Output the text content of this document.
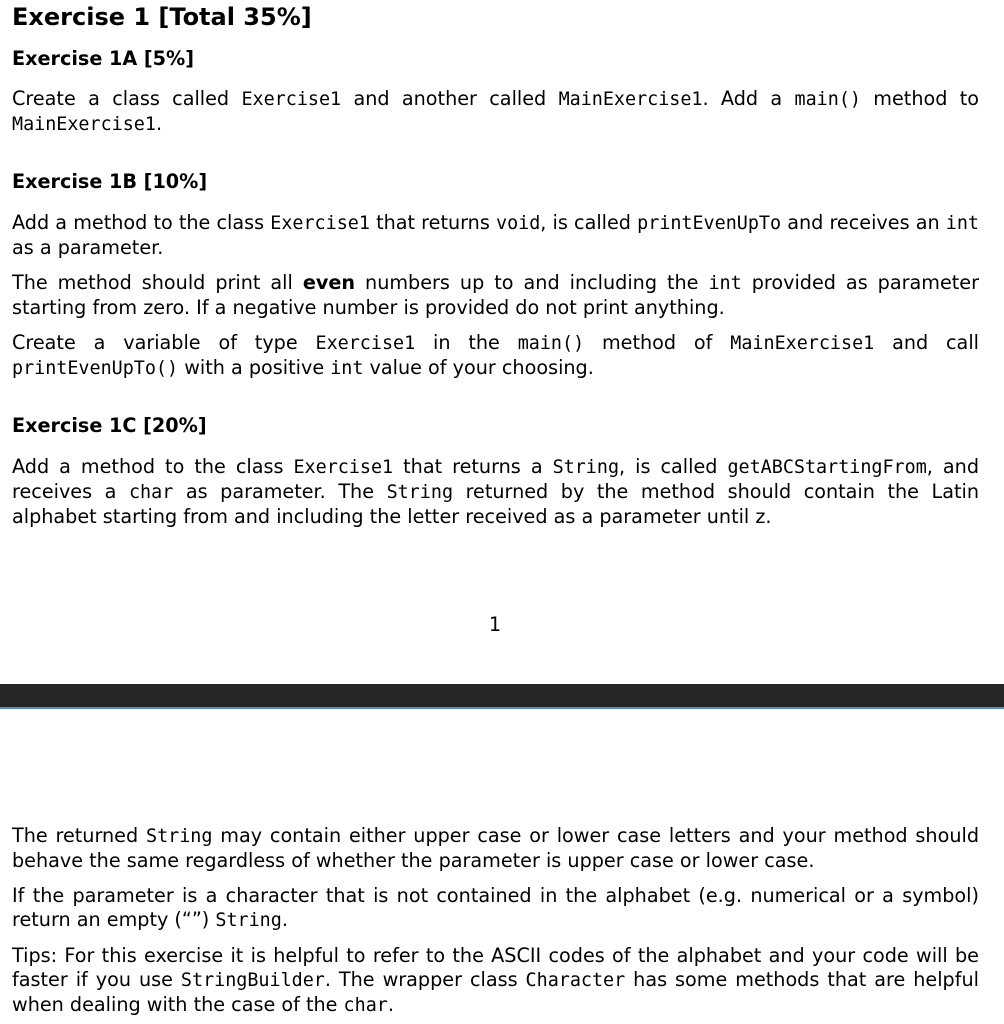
Exercise 1 [Total 35%]
Exercise 1A [5%]

Create a class called Exercise1 and another called MainExercise1. Add a main() method to MainExercise1.

Exercise 1B [10%]

Add a method to the class Exercise1 that returns void, is called printEvenUpTo and receives an int as a parameter.

The method should print all even numbers up to and including the int provided as parameter starting from zero. If a negative number is provided do not print anything.

Create a variable of type Exercise1 in the main() method of MainExercise1 and call printEvenUpTo() with a positive int value of your choosing.

Exercise 1C [20%]

Add a method to the class Exercise1 that returns a String, is called getABCStartingFrom, and receives a char as parameter. The String returned by the method should contain the Latin alphabet starting from and including the letter received as a parameter until z.

1

The returned String may contain either upper case or lower case letters and your method should behave the same regardless of whether the parameter is upper case or lower case.

If the parameter is a character that is not contained in the alphabet (e.g. numerical or a symbol) return an empty (“”) String.

Tips: For this exercise it is helpful to refer to the ASCII codes of the alphabet and your code will be faster if you use StringBuilder. The wrapper class Character has some methods that are helpful when dealing with the case of the char.
